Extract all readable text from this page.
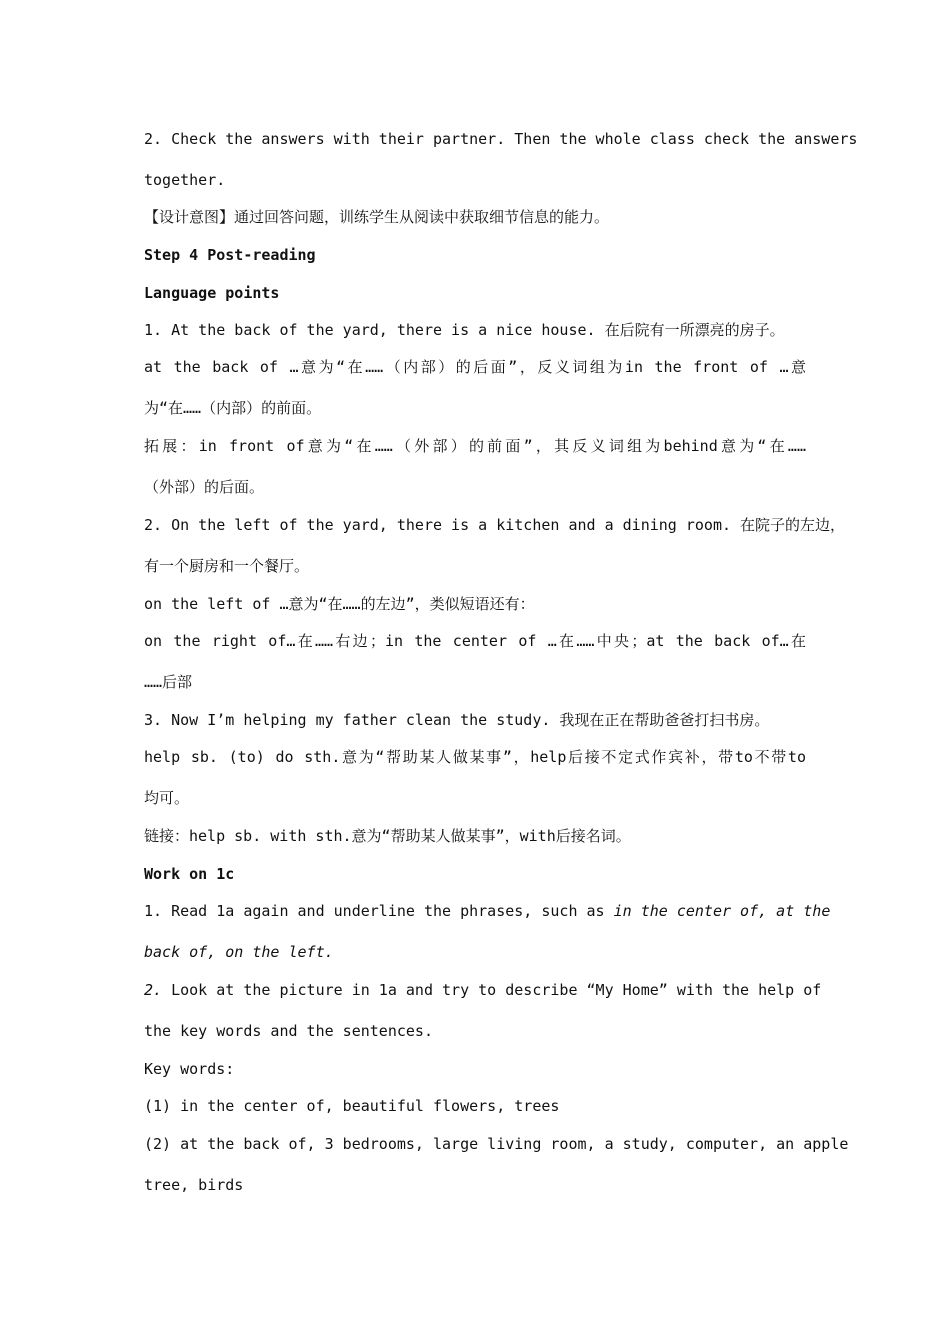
2. Check the answers with their partner. Then the whole class check the answers
together.
【设计意图】通过回答问题，训练学生从阅读中获取细节信息的能力。
Step 4 Post-reading
Language points
1. At the back of the yard, there is a nice house. 在后院有一所漂亮的房子。
at the back of …意为“在……（内部）的后面”，反义词组为in the front of …意
为“在……（内部）的前面。
拓展：in front of意为“在……（外部）的前面”，其反义词组为behind意为“在……
（外部）的后面。
2. On the left of the yard, there is a kitchen and a dining room. 在院子的左边，
有一个厨房和一个餐厅。
on the left of …意为“在……的左边”，类似短语还有：
on the right of…在……右边；in the center of …在……中央；at the back of…在
……后部
3. Now I’m helping my father clean the study. 我现在正在帮助爸爸打扫书房。
help sb. (to) do sth.意为“帮助某人做某事”，help后接不定式作宾补，带to不带to
均可。
链接：help sb. with sth.意为“帮助某人做某事”，with后接名词。
Work on 1c
1. Read 1a again and underline the phrases, such as in the center of, at the
back of, on the left.
2. Look at the picture in 1a and try to describe “My Home” with the help of
the key words and the sentences.
Key words:
(1) in the center of, beautiful flowers, trees
(2) at the back of, 3 bedrooms, large living room, a study, computer, an apple
tree, birds
